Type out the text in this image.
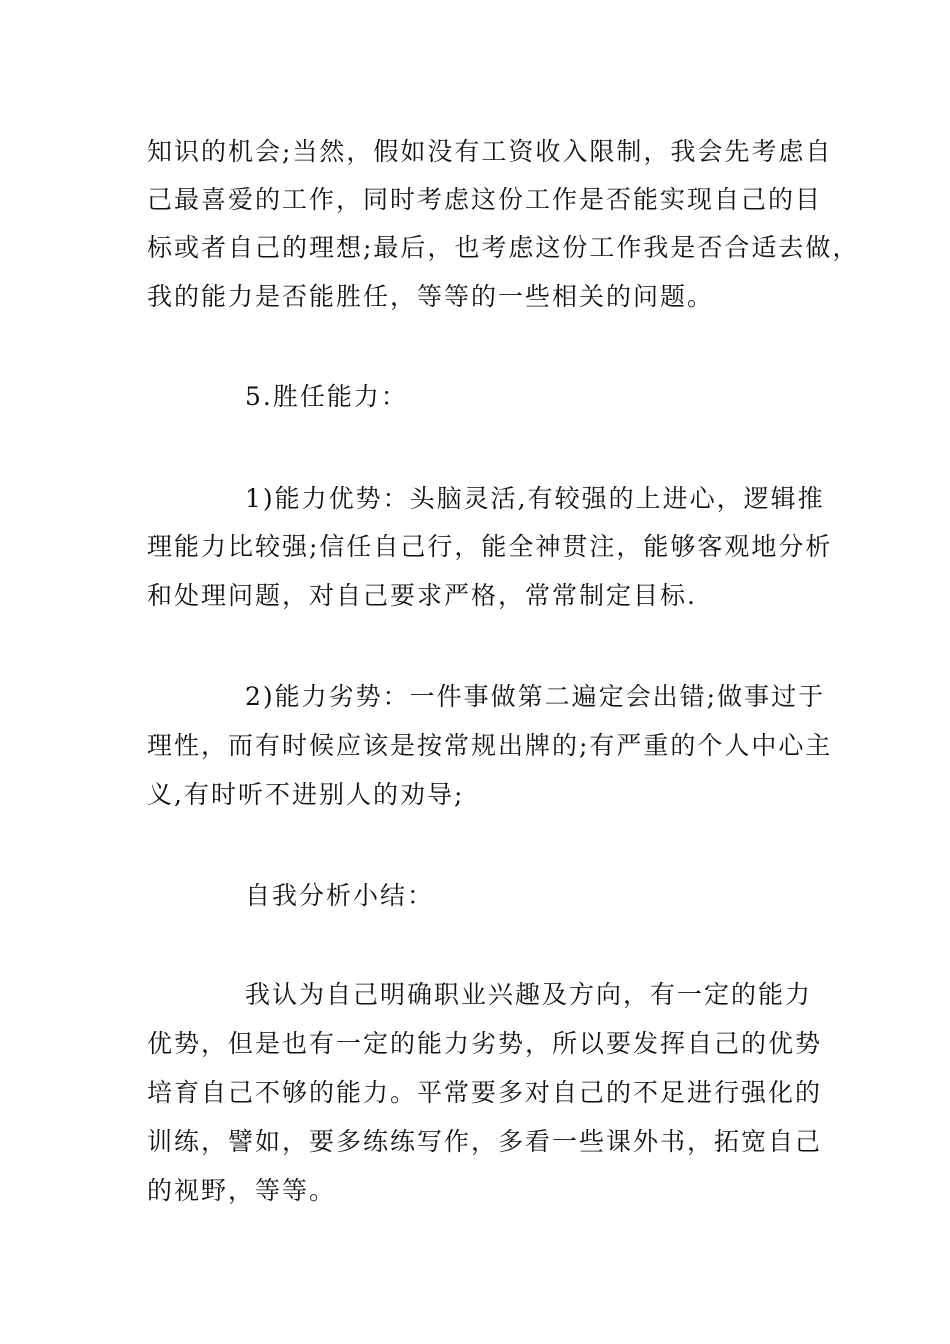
知识的机会;当然，假如没有工资收入限制，我会先考虑自
己最喜爱的工作，同时考虑这份工作是否能实现自己的目
标或者自己的理想;最后，也考虑这份工作我是否合适去做，
我的能力是否能胜任，等等的一些相关的问题。
5.胜任能力：
1)能力优势：头脑灵活,有较强的上进心，逻辑推
理能力比较强;信任自己行，能全神贯注，能够客观地分析
和处理问题，对自己要求严格，常常制定目标.
2)能力劣势：一件事做第二遍定会出错;做事过于
理性，而有时候应该是按常规出牌的;有严重的个人中心主
义,有时听不进别人的劝导;
自我分析小结：
我认为自己明确职业兴趣及方向，有一定的能力
优势，但是也有一定的能力劣势，所以要发挥自己的优势
培育自己不够的能力。平常要多对自己的不足进行强化的
训练，譬如，要多练练写作，多看一些课外书，拓宽自己
的视野，等等。
